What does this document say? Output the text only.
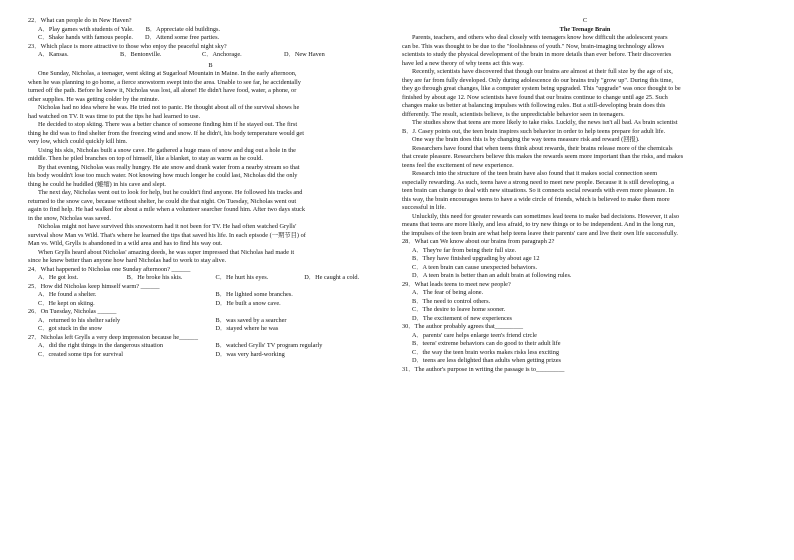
22．What can people do in New Haven?
A．Play games with students of Yale. B．Appreciate old buildings.
C．Shake hands with famous people. D．Attend some free parties.
23．Which place is more attractive to those who enjoy the peaceful night sky?
A．Kansas.	B．Bentonville.	C．Anchorage.	D．New Haven
B
One Sunday, Nicholas, a teenager, went skiing at Sugarloaf Mountain in Maine. In the early afternoon,
when he was planning to go home, a fierce snowstorm swept into the area. Unable to see far, he accidentally
turned off the path. Before he knew it, Nicholas was lost, all alone! He didn't have food, water, a phone, or
other supplies. He was getting colder by the minute.
Nicholas had no idea where he was. He tried not to panic. He thought about all of the survival shows he
had watched on TV. It was time to put the tips he had learned to use.
He decided to stop skiing. There was a better chance of someone finding him if he stayed out. The first
thing he did was to find shelter from the freezing wind and snow. If he didn't, his body temperature would get
very low, which could quickly kill him.
Using his skis, Nicholas built a snow cave. He gathered a huge mass of snow and dug out a hole in the
middle. Then he piled branches on top of himself, like a blanket, to stay as warm as he could.
By that evening, Nicholas was really hungry. He ate snow and drank water from a nearby stream so that
his body wouldn't lose too much water. Not knowing how much longer he could last, Nicholas did the only
thing he could he huddled (蜷缩) in his cave and slept.
The next day, Nicholas went out to look for help, but he couldn't find anyone. He followed his tracks and
returned to the snow cave, because without shelter, he could die that night. On Tuesday, Nicholas went out
again to find help. He had walked for about a mile when a volunteer searcher found him. After two days stuck
in the snow, Nicholas was saved.
Nicholas might not have survived this snowstorm had it not been for TV. He had often watched Grylls'
survival show Man vs Wild. That's where he learned the tips that saved his life. In each episode (一期节目) of
Man vs. Wild, Grylls is abandoned in a wild area and has to find his way out.
When Grylls heard about Nicholas' amazing deeds, he was super impressed that Nicholas had made it
since he knew better than anyone how hard Nicholas had to work to stay alive.
24．What happened to Nicholas one Sunday afternoon? ______
A．He got lost.	B．He broke his skis.	C．He hurt his eyes.	D．He caught a cold.
25．How did Nicholas keep himself warm? ______
A．He found a shelter.	B．He lighted some branches.
C．He kept on skiing.	D．He built a snow cave.
26．On Tuesday, Nicholas ______
A．returned to his shelter safely	B．was saved by a searcher
C．got stuck in the snow	D．stayed where he was
27．Nicholas left Grylls a very deep impression because he______
A．did the right things in the dangerous situation	B．watched Grylls' TV program regularly
C．created some tips for survival	D．was very hard-working
C
The Teenage Brain
Parents, teachers, and others who deal closely with teenagers know how difficult the adolescent years
can be. This was thought to be due to the "foolishness of youth." Now, brain-imaging technology allows
scientists to study the physical development of the brain in more details than ever before. Their discoveries
have led a new theory of why teens act this way.
Recently, scientists have discovered that though our brains are almost at their full size by the age of six,
they are far from fully developed. Only during adolescence do our brains truly "grow up". During this time,
they go through great changes, like a computer system being upgraded. This "upgrade" was once thought to be
finished by about age 12. Now scientists have found that our brains continue to change until age 25. Such
changes make us better at balancing impulses with following rules. But a still-developing brain does this
differently. The result, scientists believe, is the unpredictable behavior seen in teenagers.
The studies show that teens are more likely to take risks. Luckily, the news isn't all bad. As brain scientist
B．J. Casey points out, the teen brain inspires such behavior in order to help teens prepare for adult life.
One way the brain does this is by changing the way teens measure risk and reward (回报).
Researchers have found that when teens think about rewards, their brains release more of the chemicals
that create pleasure. Researchers believe this makes the rewards seem more important than the risks, and makes
teens feel the excitement of new experience.
Research into the structure of the teen brain have also found that it makes social connection seem
especially rewarding. As such, teens have a strong need to meet new people. Because it is still developing, a
teen brain can change to deal with new situations. So it connects social rewards with even more pleasure. In
this way, the brain encourages teens to have a wide circle of friends, which is believed to make them more
successful in life.
Unluckily, this need for greater rewards can sometimes lead teens to make bad decisions. However, it also
means that teens are more likely, and less afraid, to try new things or to be independent. And in the long run,
the impulses of the teen brain are what help teens leave their parents' care and live their own life successfully.
28．What can We know about our brains from paragraph 2?
A．They're far from being their full size.
B．They have finished upgrading by about age 12
C．A teen brain can cause unexpected behaviors.
D．A teen brain is better than an adult brain at following rules.
29．What leads teens to meet new people?
A．The fear of being alone.
B．The need to control others.
C．The desire to leave home sooner.
D．The excitement of new experiences
30．The author probably agrees that_________
A．parents' care helps enlarge teen's friend circle
B．teens' extreme behaviors can do good to their adult life
C．the way the teen brain works makes risks less exciting
D．teens are less delighted than adults when getting prizes
31．The author's purpose in writing the passage is to_________
